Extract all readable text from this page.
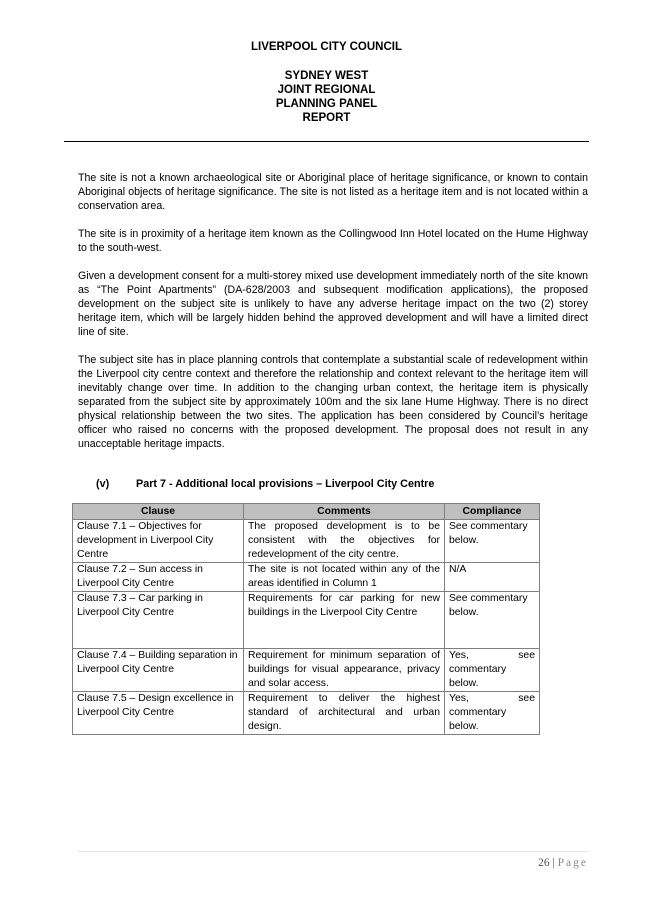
LIVERPOOL CITY COUNCIL
SYDNEY WEST
JOINT REGIONAL
PLANNING PANEL
REPORT

The site is not a known archaeological site or Aboriginal place of heritage significance, or known to contain Aboriginal objects of heritage significance. The site is not listed as a heritage item and is not located within a conservation area.

The site is in proximity of a heritage item known as the Collingwood Inn Hotel located on the Hume Highway to the south-west.

Given a development consent for a multi-storey mixed use development immediately north of the site known as “The Point Apartments” (DA-628/2003 and subsequent modification applications), the proposed development on the subject site is unlikely to have any adverse heritage impact on the two (2) storey heritage item, which will be largely hidden behind the approved development and will have a limited direct line of site.

The subject site has in place planning controls that contemplate a substantial scale of redevelopment within the Liverpool city centre context and therefore the relationship and context relevant to the heritage item will inevitably change over time. In addition to the changing urban context, the heritage item is physically separated from the subject site by approximately 100m and the six lane Hume Highway. There is no direct physical relationship between the two sites. The application has been considered by Council’s heritage officer who raised no concerns with the proposed development. The proposal does not result in any unacceptable heritage impacts.

(v) Part 7 - Additional local provisions – Liverpool City Centre
Clause	Comments	Compliance
Clause 7.1 – Objectives for development in Liverpool City Centre	The proposed development is to be consistent with the objectives for redevelopment of the city centre.	See commentary below.
Clause 7.2 – Sun access in Liverpool City Centre	The site is not located within any of the areas identified in Column 1	N/A
Clause 7.3 – Car parking in Liverpool City Centre	Requirements for car parking for new buildings in the Liverpool City Centre	See commentary below.
Clause 7.4 – Building separation in Liverpool City Centre	Requirement for minimum separation of buildings for visual appearance, privacy and solar access.	Yes, see commentary below.
Clause 7.5 – Design excellence in Liverpool City Centre	Requirement to deliver the highest standard of architectural and urban design.	Yes, see commentary below.
26 | Page
